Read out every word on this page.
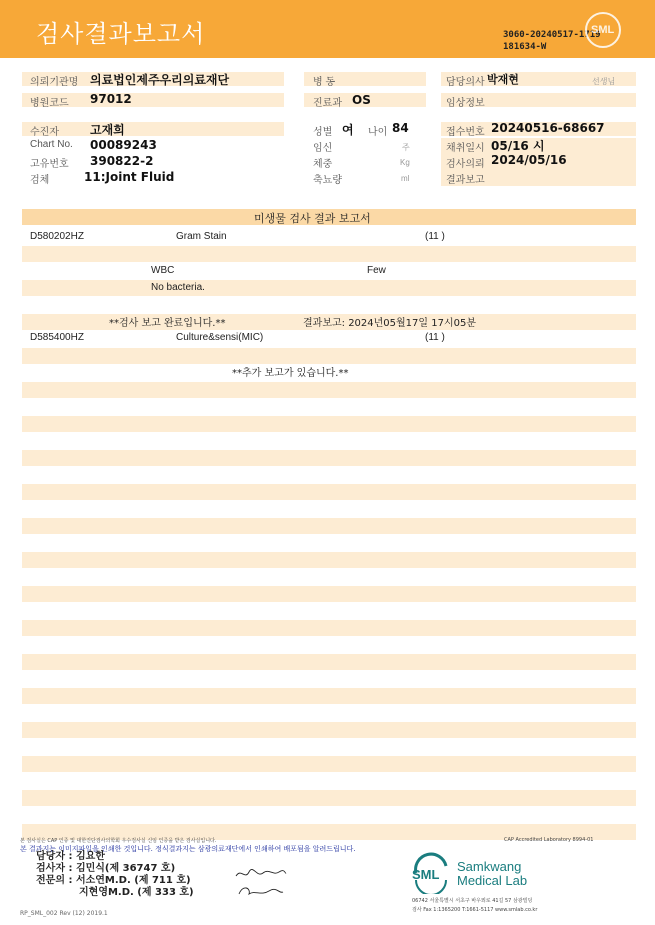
검사결과보고서	3060-20240517-1719
181634-W
SML
의뢰기관명 의료법인제주우리의료재단
병원코드 97012
병 동
진료과 OS
담당의사 박재현	선생님
임상정보
수진자	고재희
Chart No. 00089243
고유번호 390822-2
검체	11:Joint Fluid
성별 여 나이 84
임신	주
체중	Kg
축뇨량	ml
접수번호 20240516-68667
채취일시 05/16 시
검사의뢰 2024/05/16
결과보고
미생물 검사 결과 보고서
D580202HZ	Gram Stain	(11 )
WBC	Few
No bacteria.
**검사 보고 완료입니다.**	결과보고: 2024년05월17일 17시05분
D585400HZ	Culture&sensi(MIC)	(11 )
**추가 보고가 있습니다.**
본 검사실은 CAP 인증 및 대한진단검사의학회 우수검사실 신임 인증을 받은 검사실입니다.	CAP Accredited Laboratory 8994-01
본 결과지는 이미지파일을 인쇄한 것입니다. 정식결과지는 삼광의료재단에서 인쇄하여 배포됨을 알려드립니다.
담당자 : 김요한
검사자 : 김민식(제 36747 호)
전문의 : 서소연M.D. (제 711 호)
지현영M.D. (제 333 호)
SML
Samkwang
Medical Lab
06742 서울특별시 서초구 바우뫼로 41길 57 삼광빌딩
검사 Fax 1:1365200 T:1661-5117 www.smlab.co.kr
RP_SML_002 Rev (12) 2019.1
